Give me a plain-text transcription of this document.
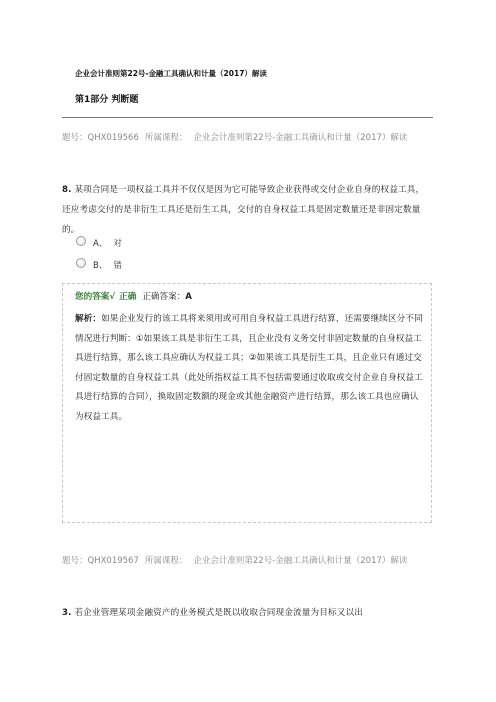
企业会计准则第22号-金融工具确认和计量（2017）解读
第1部分 判断题
题号：QHX019566 所属课程： 企业会计准则第22号-金融工具确认和计量（2017）解读
8. 某项合同是一项权益工具并不仅仅是因为它可能导致企业获得或交付企业自身的权益工具，还应考虑交付的是非衍生工具还是衍生工具，交付的自身权益工具是固定数量还是非固定数量的。
A、 对
B、 错
您的答案√ 正确 正确答案：A
解析：如果企业发行的该工具将来须用或可用自身权益工具进行结算，还需要继续区分不同情况进行判断：①如果该工具是非衍生工具，且企业没有义务交付非固定数量的自身权益工具进行结算，那么该工具应确认为权益工具；②如果该工具是衍生工具，且企业只有通过交付固定数量的自身权益工具（此处所指权益工具不包括需要通过收取或交付企业自身权益工具进行结算的合同），换取固定数额的现金或其他金融资产进行结算，那么该工具也应确认为权益工具。
题号：QHX019567 所属课程： 企业会计准则第22号-金融工具确认和计量（2017）解读
3. 若企业管理某项金融资产的业务模式是既以收取合同现金流量为目标又以出
